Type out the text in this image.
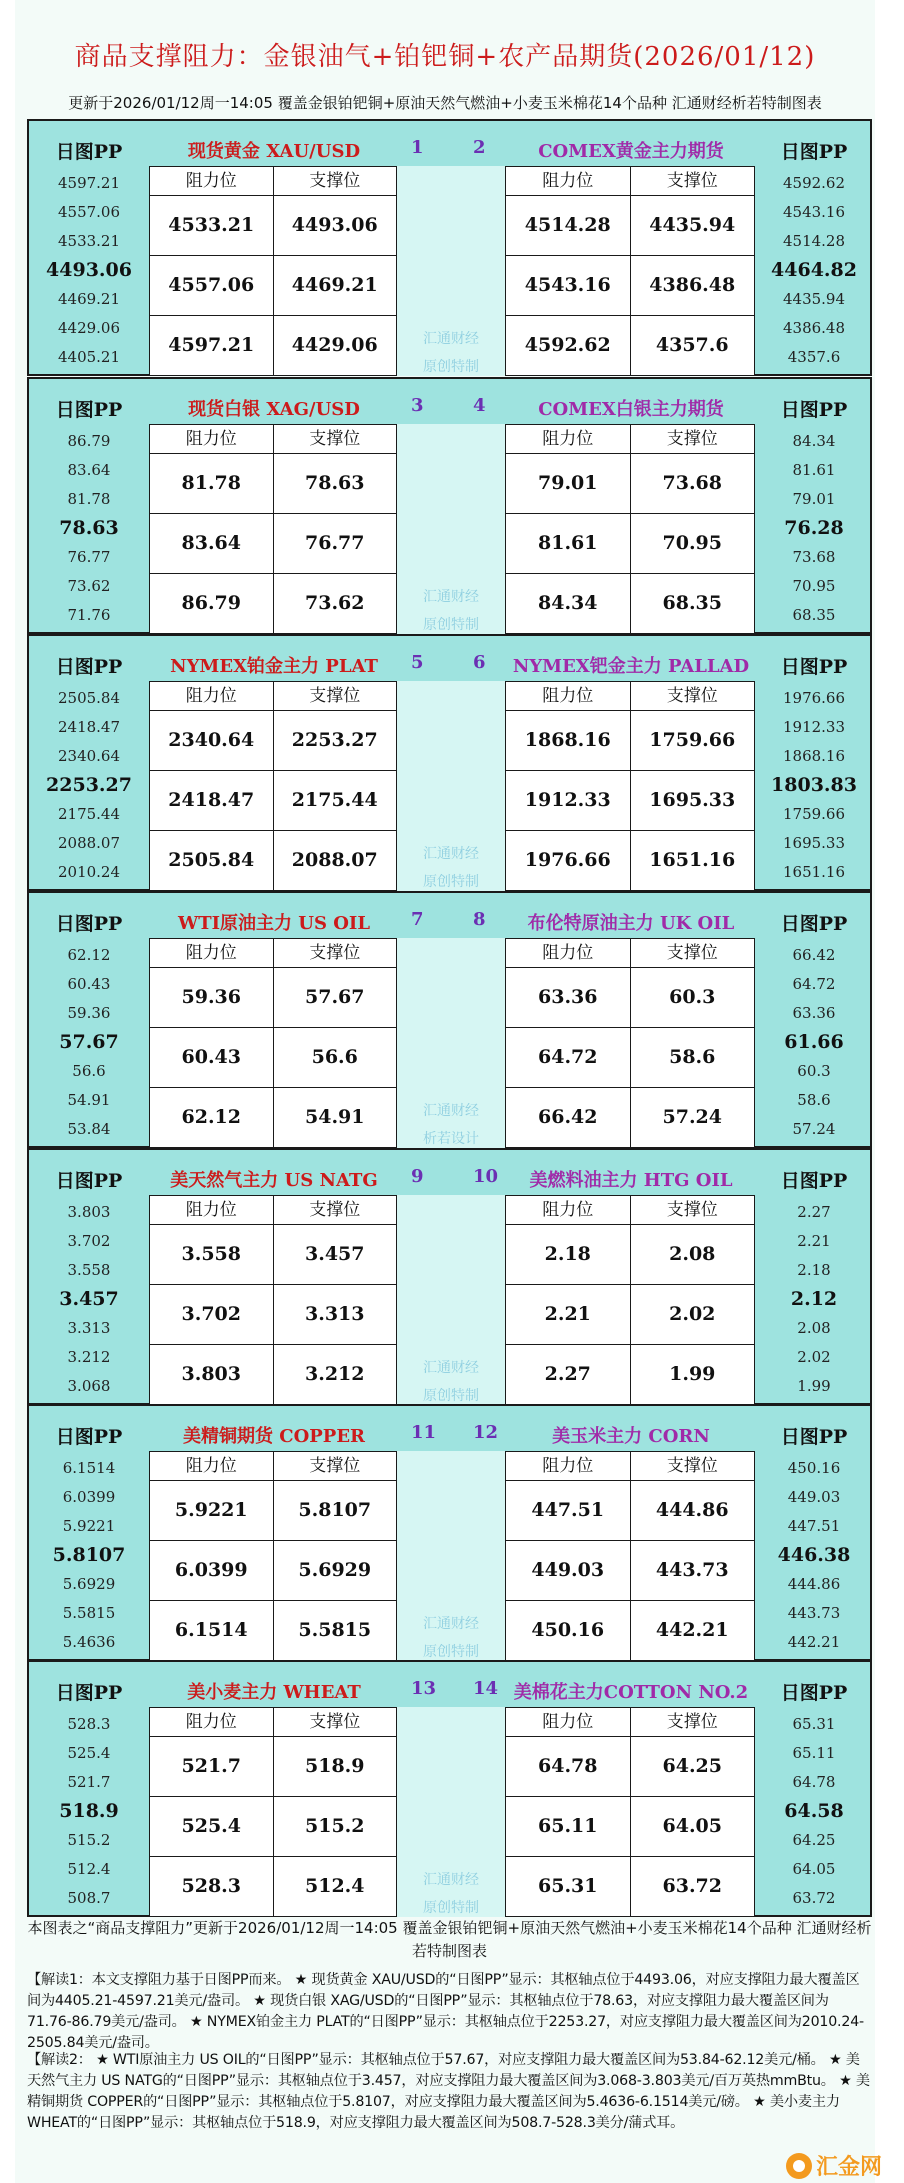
商品支撑阻力：金银油气+铂钯铜+农产品期货(2026/01/12)
更新于2026/01/12周一14:05 覆盖金银铂钯铜+原油天然气燃油+小麦玉米棉花14个品种 汇通财经析若特制图表
日图PP
4597.21
4557.06
4533.21
4493.06
4469.21
4429.06
4405.21
日图PP
4592.62
4543.16
4514.28
4464.82
4435.94
4386.48
4357.6
现货黄金 XAU/USD	COMEX黄金主力期货
1	2
阻力位	支撑位
4533.21	4493.06
4557.06	4469.21
4597.21	4429.06
阻力位	支撑位
4514.28	4435.94
4543.16	4386.48
4592.62	4357.6
汇通财经
原创特制
日图PP
86.79
83.64
81.78
78.63
76.77
73.62
71.76
日图PP
84.34
81.61
79.01
76.28
73.68
70.95
68.35
现货白银 XAG/USD	COMEX白银主力期货
3	4
阻力位	支撑位
81.78	78.63
83.64	76.77
86.79	73.62
阻力位	支撑位
79.01	73.68
81.61	70.95
84.34	68.35
汇通财经
原创特制
日图PP
2505.84
2418.47
2340.64
2253.27
2175.44
2088.07
2010.24
日图PP
1976.66
1912.33
1868.16
1803.83
1759.66
1695.33
1651.16
NYMEX铂金主力 PLAT	NYMEX钯金主力 PALLAD
5	6
阻力位	支撑位
2340.64	2253.27
2418.47	2175.44
2505.84	2088.07
阻力位	支撑位
1868.16	1759.66
1912.33	1695.33
1976.66	1651.16
汇通财经
原创特制
日图PP
62.12
60.43
59.36
57.67
56.6
54.91
53.84
日图PP
66.42
64.72
63.36
61.66
60.3
58.6
57.24
WTI原油主力 US OIL	布伦特原油主力 UK OIL
7	8
阻力位	支撑位
59.36	57.67
60.43	56.6
62.12	54.91
阻力位	支撑位
63.36	60.3
64.72	58.6
66.42	57.24
汇通财经
析若设计
日图PP
3.803
3.702
3.558
3.457
3.313
3.212
3.068
日图PP
2.27
2.21
2.18
2.12
2.08
2.02
1.99
美天然气主力 US NATG	美燃料油主力 HTG OIL
9	10
阻力位	支撑位
3.558	3.457
3.702	3.313
3.803	3.212
阻力位	支撑位
2.18	2.08
2.21	2.02
2.27	1.99
汇通财经
原创特制
日图PP
6.1514
6.0399
5.9221
5.8107
5.6929
5.5815
5.4636
日图PP
450.16
449.03
447.51
446.38
444.86
443.73
442.21
美精铜期货 COPPER	美玉米主力 CORN
11 12
阻力位	支撑位
5.9221	5.8107
6.0399	5.6929
6.1514	5.5815
阻力位	支撑位
447.51	444.86
449.03	443.73
450.16	442.21
汇通财经
原创特制
日图PP
528.3
525.4
521.7
518.9
515.2
512.4
508.7
日图PP
65.31
65.11
64.78
64.58
64.25
64.05
63.72
美小麦主力 WHEAT	美棉花主力COTTON NO.2
13 14
阻力位	支撑位
521.7	518.9
525.4	515.2
528.3	512.4
阻力位	支撑位
64.78	64.25
65.11	64.05
65.31	63.72
汇通财经
原创特制
本图表之“商品支撑阻力”更新于2026/01/12周一14:05 覆盖金银铂钯铜+原油天然气燃油+小麦玉米棉花14个品种 汇通财经析若特制图表
【解读1：本文支撑阻力基于日图PP而来。 ★ 现货黄金 XAU/USD的“日图PP”显示：其枢轴点位于4493.06，对应支撑阻力最大覆盖区间为4405.21-4597.21美元/盎司。 ★ 现货白银 XAG/USD的“日图PP”显示：其枢轴点位于78.63，对应支撑阻力最大覆盖区间为71.76-86.79美元/盎司。 ★ NYMEX铂金主力 PLAT的“日图PP”显示：其枢轴点位于2253.27，对应支撑阻力最大覆盖区间为2010.24-2505.84美元/盎司。
【解读2： ★ WTI原油主力 US OIL的“日图PP”显示：其枢轴点位于57.67，对应支撑阻力最大覆盖区间为53.84-62.12美元/桶。 ★ 美天然气主力 US NATG的“日图PP”显示：其枢轴点位于3.457，对应支撑阻力最大覆盖区间为3.068-3.803美元/百万英热mmBtu。 ★ 美精铜期货 COPPER的“日图PP”显示：其枢轴点位于5.8107，对应支撑阻力最大覆盖区间为5.4636-6.1514美元/磅。 ★ 美小麦主力 WHEAT的“日图PP”显示：其枢轴点位于518.9，对应支撑阻力最大覆盖区间为508.7-528.3美分/蒲式耳。
汇金网
